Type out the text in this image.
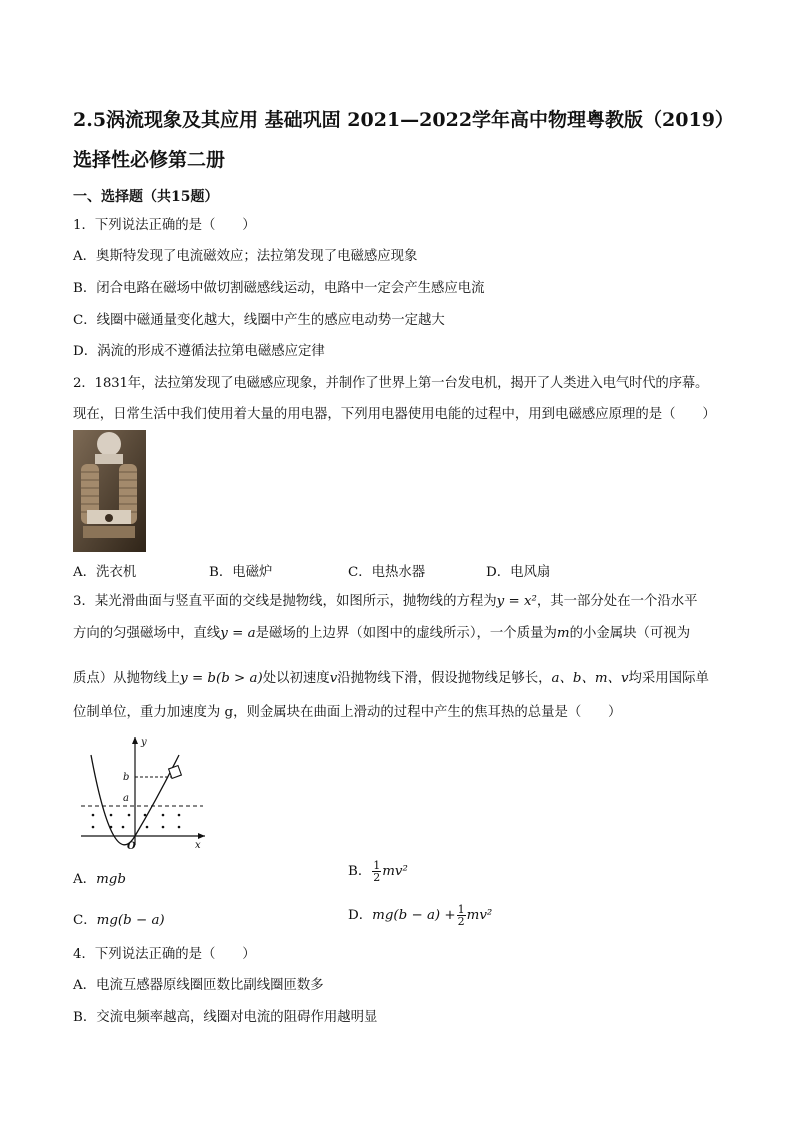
2.5涡流现象及其应用 基础巩固 2021—2022学年高中物理粤教版（2019）
选择性必修第二册
一、选择题（共15题）
1．下列说法正确的是（　　）
A．奥斯特发现了电流磁效应；法拉第发现了电磁感应现象
B．闭合电路在磁场中做切割磁感线运动，电路中一定会产生感应电流
C．线圈中磁通量变化越大，线圈中产生的感应电动势一定越大
D．涡流的形成不遵循法拉第电磁感应定律
2．1831年，法拉第发现了电磁感应现象，并制作了世界上第一台发电机，揭开了人类进入电气时代的序幕。
现在，日常生活中我们使用着大量的用电器，下列用电器使用电能的过程中，用到电磁感应原理的是（　　）
A．洗衣机	B．电磁炉	C．电热水器	D．电风扇
3．某光滑曲面与竖直平面的交线是抛物线，如图所示，抛物线的方程为y = x²，其一部分处在一个沿水平
方向的匀强磁场中，直线y = a是磁场的上边界（如图中的虚线所示），一个质量为m的小金属块（可视为
质点）从抛物线上y = b(b > a)处以初速度v沿抛物线下滑，假设抛物线足够长，a、b、m、v均采用国际单
位制单位，重力加速度为 g，则金属块在曲面上滑动的过程中产生的焦耳热的总量是（　　）
y
x
O
a
b
A．mgb
B． $\frac{1}{2} mv^2$
C．mg(b − a)	D．$mg(b - a) + \frac{1}{2} mv^2$
4．下列说法正确的是（　　）
A．电流互感器原线圈匝数比副线圈匝数多
B．交流电频率越高，线圈对电流的阻碍作用越明显
